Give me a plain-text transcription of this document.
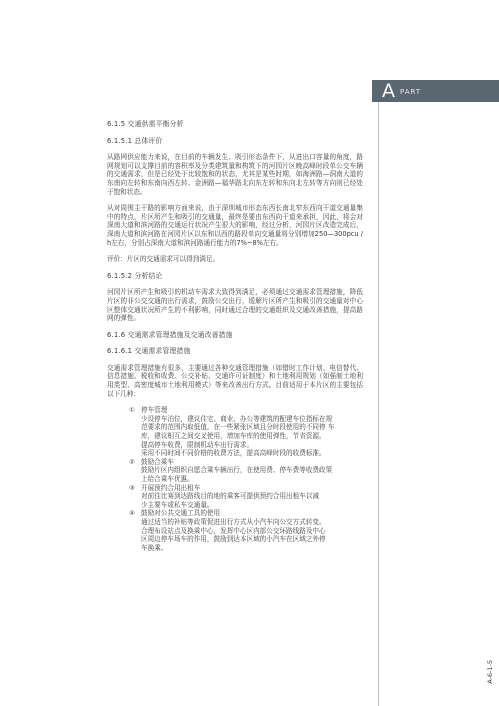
A PART
6.1.5 交通供需平衡分析
6.1.5.1 总体评价
从路网供应能力来说，在目前的车辆发生、吸引形态条件下，从进出口容量的角度，路网规划可以支撑目前的容积率及分类建筑量和构筑下的河园片区晚高峰时段单公交车辆的交通需求，但是已经处于比较饱和的状态，尤其是某些时期，如海洲路—洞南大道的东南向左转和东南向西左转、金洲路—福华路北向东左转和东向北左转等方向则已经处于饱和状态。
从对周围主干路的影响方面来说，由于深圳城市形态东西长南北窄东西向干道交通量集中的特点，片区所产生和吸引的交通量，最终是要由东西向干道来承担，因此，将会对深南大道和滨河路的交通运行状况产生很大的影响，经过分析，河园片区改造完成后，深南大道和滨河路在河园片区以东和以西的路段单向交通量将分别增加250—300pcu / h左右，分别占深南大道和滨河路通行能力的7%~8%左右。
评价：片区的交通需求可以得到满足。
6.1.5.2 分析结论
河园片区所产生和吸引的机动车需求大致得到满足，必须通过交通需求管理措施，降低片区的非公交交通的出行需求，鼓励公交出行，缓解片区所产生和吸引的交通量对中心区整体交通状况所产生的不利影响，同时通过合理的交通组织及交通改善措施，提高路网的弹性。
6.1.6 交通需求管理措施及交通改善措施
6.1.6.1 交通需求管理措施
交通需求管理措施有很多，主要通过各种交通管理措施（如错时工作计划、电信替代、信息措施、税收和收费、公交补贴、交通许可证制度）和土地利用规划（如强制土地利用类型、高密度城市土地利用模式）等来改善出行方式。目前适用于本片区的主要包括以下几种：
① 停车管理
少设停车泊位，建议住宅、商业、办公等建筑的配建车位指标在规
范要求的范围内取低值，在一些紧张区域且分时段使用的不同停 车
库，建议相互之间交叉使用，增加车库的使用弹性，节省资源。
提高停车收费，限制机动车出行需求。
采用不同时间不同价格的收费方法，提高高峰时段的收费标准。
② 鼓励合乘车
鼓励片区内组织自愿合乘车辆出行，在使用费、停车费等收费政策
上给合乘车优惠。
③ 开展预约合用出租车
对前往比赛到达路线目的地的乘客可提供预约合用出租车以减
少主要车或私车交通量。
④ 鼓励对公共交通工具的使用
通过适当的补贴等政策促进出行方式从小汽车向公交方式转变。
合理布设站点及换乘中心，发挥中心区内部公交环路线路及中心
区周边停车场车的作用，鼓励到达本区域的小汽车在区域之外停
车换乘。
A-6-1-5
